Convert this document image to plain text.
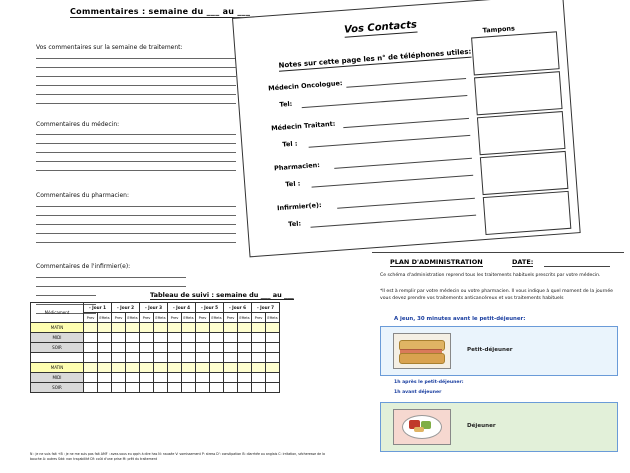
Commentaires : semaine du ___ au ___
Vos commentaires sur la semaine de traitement:
Commentaires du médecin:
Commentaires du pharmacien:
Commentaires de l'infirmier(e):
Vos Contacts
Notes sur cette page les n° de téléphones utiles:
Tampons
Médecin Oncologue:
Tel:
Médecin Traitant:
Tel :
Pharmacien:
Tel :
Infirmier(e):
Tel:
Tableau de suivi : semaine du ___ au ___
Médicament	- Jour 1		- Jour 2		- Jour 3		- Jour 4		- Jour 5		- Jour 6		- Jour 7	
	Prev	Effets	Prev	Effets	Prev	Effets	Prev	Effets	Prev	Effets	Prev	Effets	Prev	Effets
MATIN														
MIDI														
SOIR														

MATIN														
MIDI														
SOIR														
N : je ne suis fait +B : je ne me suis pas fait AMF : avez-vous eu qqch à dire has N: nausée V: vomissement P: stress D': constipation B: diarrhée ou anglais C: irritation, sécheresse de la bouche A: autres Sdd: non traçabilité Df: coût d'une prise M: prêt du traitement
PLAN D'ADMINISTRATION	DATE:
Ce schéma d'administration reprend tous les traitements habituels prescrits par votre médecin.
*Il est à remplir par votre médecin ou votre pharmacien. Il vous indique à quel moment de la journée vous devez prendre vos traitements anticancéreux et vos traitements habituels
A jeun, 30 minutes avant le petit-déjeuner:
Petit-déjeuner
1h après le petit-déjeuner:
1h avant déjeuner
Déjeuner
